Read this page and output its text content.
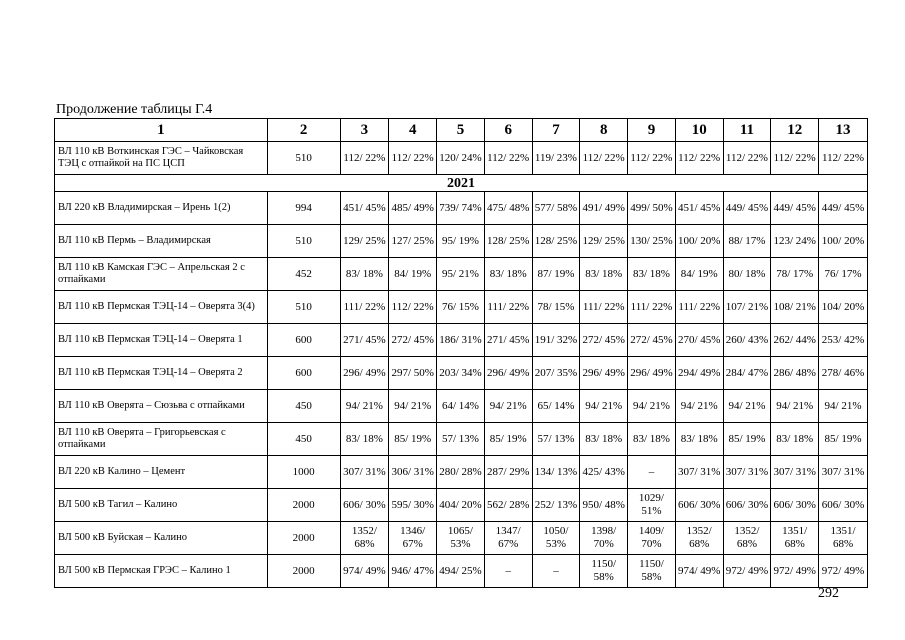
Продолжение таблицы Г.4
1	2	3	4	5	6	7	8	9	10	11	12	13
ВЛ 110 кВ Воткинская ГЭС – Чайковская ТЭЦ с отпайкой на ПС ЦСП	510	112/ 22%	112/ 22%	120/ 24%	112/ 22%	119/ 23%	112/ 22%	112/ 22%	112/ 22%	112/ 22%	112/ 22%	112/ 22%
2021												
ВЛ 220 кВ Владимирская – Ирень 1(2)	994	451/ 45%	485/ 49%	739/ 74%	475/ 48%	577/ 58%	491/ 49%	499/ 50%	451/ 45%	449/ 45%	449/ 45%	449/ 45%
ВЛ 110 кВ Пермь – Владимирская	510	129/ 25%	127/ 25%	95/ 19%	128/ 25%	128/ 25%	129/ 25%	130/ 25%	100/ 20%	88/ 17%	123/ 24%	100/ 20%
ВЛ 110 кВ Камская ГЭС – Апрельская 2 с отпайками	452	83/ 18%	84/ 19%	95/ 21%	83/ 18%	87/ 19%	83/ 18%	83/ 18%	84/ 19%	80/ 18%	78/ 17%	76/ 17%
ВЛ 110 кВ Пермская ТЭЦ-14 – Оверята 3(4)	510	111/ 22%	112/ 22%	76/ 15%	111/ 22%	78/ 15%	111/ 22%	111/ 22%	111/ 22%	107/ 21%	108/ 21%	104/ 20%
ВЛ 110 кВ Пермская ТЭЦ-14 – Оверята 1	600	271/ 45%	272/ 45%	186/ 31%	271/ 45%	191/ 32%	272/ 45%	272/ 45%	270/ 45%	260/ 43%	262/ 44%	253/ 42%
ВЛ 110 кВ Пермская ТЭЦ-14 – Оверята 2	600	296/ 49%	297/ 50%	203/ 34%	296/ 49%	207/ 35%	296/ 49%	296/ 49%	294/ 49%	284/ 47%	286/ 48%	278/ 46%
ВЛ 110 кВ Оверята – Сюзьва с отпайками	450	94/ 21%	94/ 21%	64/ 14%	94/ 21%	65/ 14%	94/ 21%	94/ 21%	94/ 21%	94/ 21%	94/ 21%	94/ 21%
ВЛ 110 кВ Оверята – Григорьевская с отпайками	450	83/ 18%	85/ 19%	57/ 13%	85/ 19%	57/ 13%	83/ 18%	83/ 18%	83/ 18%	85/ 19%	83/ 18%	85/ 19%
ВЛ 220 кВ Калино – Цемент	1000	307/ 31%	306/ 31%	280/ 28%	287/ 29%	134/ 13%	425/ 43%	–	307/ 31%	307/ 31%	307/ 31%	307/ 31%
ВЛ 500 кВ Тагил – Калино	2000	606/ 30%	595/ 30%	404/ 20%	562/ 28%	252/ 13%	950/ 48%	1029/ 51%	606/ 30%	606/ 30%	606/ 30%	606/ 30%
ВЛ 500 кВ Буйская – Калино	2000	1352/ 68%	1346/ 67%	1065/ 53%	1347/ 67%	1050/ 53%	1398/ 70%	1409/ 70%	1352/ 68%	1352/ 68%	1351/ 68%	1351/ 68%
ВЛ 500 кВ Пермская ГРЭС – Калино 1	2000	974/ 49%	946/ 47%	494/ 25%	–	–	1150/ 58%	1150/ 58%	974/ 49%	972/ 49%	972/ 49%	972/ 49%
292
